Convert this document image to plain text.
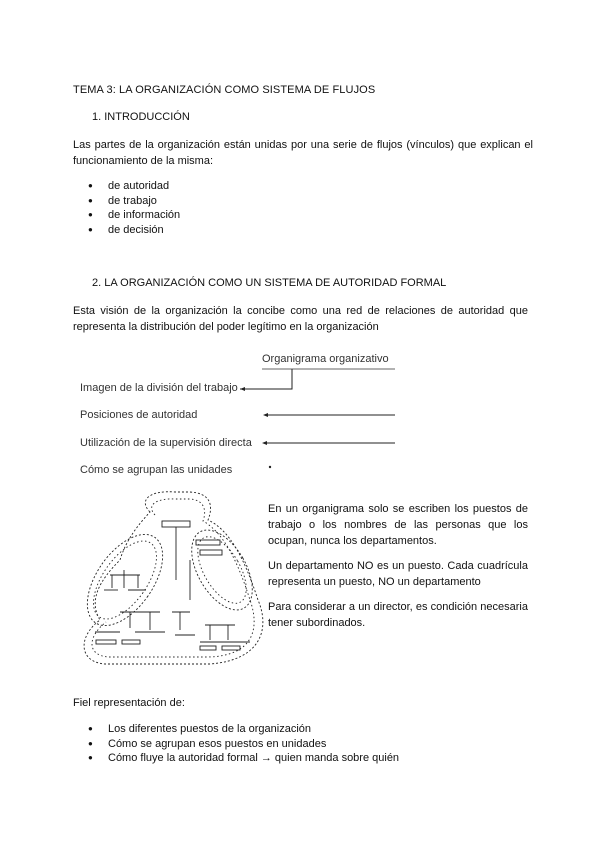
TEMA 3: LA ORGANIZACIÓN COMO SISTEMA DE FLUJOS
1. INTRODUCCIÓN
Las partes de la organización están unidas por una serie de flujos (vínculos) que explican el funcionamiento de la misma:
● de autoridad
● de trabajo
● de información
● de decisión
2. LA ORGANIZACIÓN COMO UN SISTEMA DE AUTORIDAD FORMAL
Esta visión de la organización la concibe como una red de relaciones de autoridad que representa la distribución del poder legítimo en la organización
Organigrama organizativo
Imagen de la división del trabajo
Posiciones de autoridad
Utilización de la supervisión directa
Cómo se agrupan las unidades
En un organigrama solo se escriben los puestos de trabajo o los nombres de las personas que los ocupan, nunca los departamentos.
Un departamento NO es un puesto. Cada cuadrícula representa un puesto, NO un departamento
Para considerar a un director, es condición necesaria tener subordinados.
Fiel representación de:
● Los diferentes puestos de la organización
● Cómo se agrupan esos puestos en unidades
● Cómo fluye la autoridad formal → quien manda sobre quién
